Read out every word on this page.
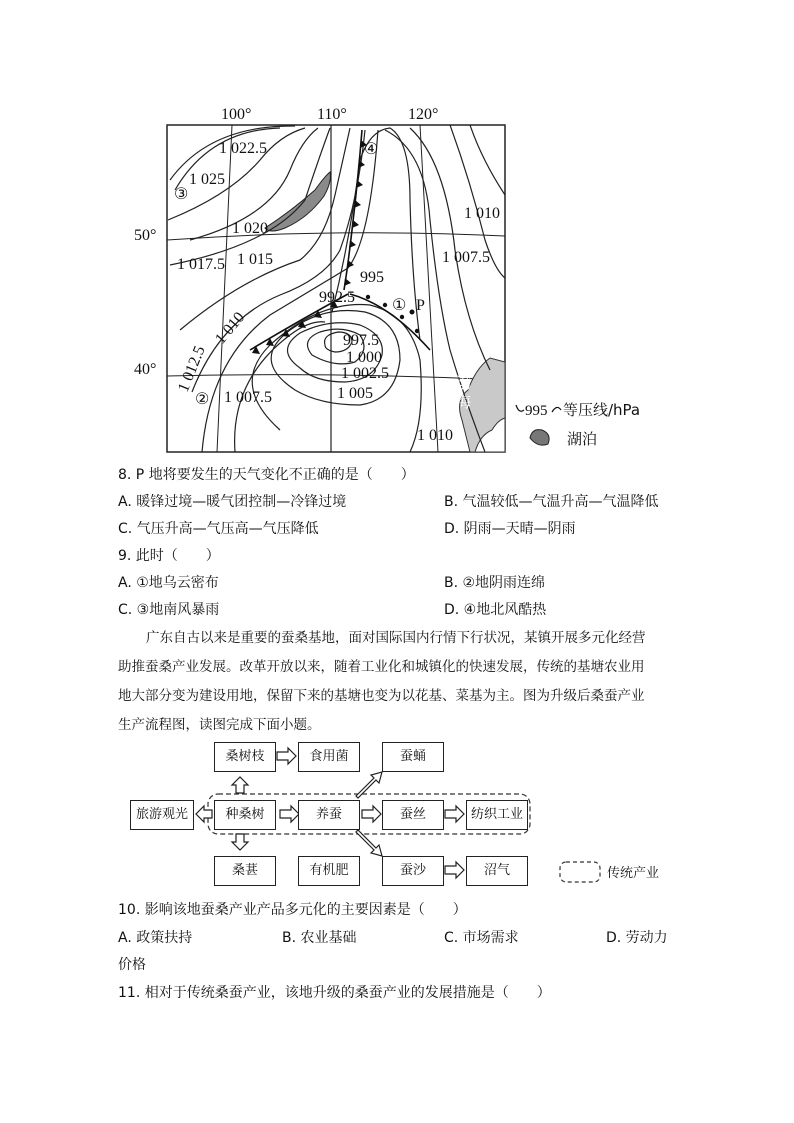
100°	110°	120°
50°
40°
1 022.5
1 025
1 020
1 017.5 1 015
1 010
1 012.5
1 007.5
995
992.5
997.5
1 000
1 002.5
1 005
1 007.5
1 010
1 010
③
④
①
②
P
渤
海	995 等压线/hPa
湖泊
8. P 地将要发生的天气变化不正确的是（　　）
A. 暖锋过境—暖气团控制—冷锋过境	B. 气温较低—气温升高—气温降低
C. 气压升高—气压高—气压降低	D. 阴雨—天晴—阴雨
9. 此时（　　）
A. ①地乌云密布	B. ②地阴雨连绵
C. ③地南风暴雨	D. ④地北风酷热
广东自古以来是重要的蚕桑基地，面对国际国内行情下行状况，某镇开展多元化经营
助推蚕桑产业发展。改革开放以来，随着工业化和城镇化的快速发展，传统的基塘农业用
地大部分变为建设用地，保留下来的基塘也变为以花基、菜基为主。图为升级后桑蚕产业
生产流程图，读图完成下面小题。
桑树枝	食用菌	蚕蛹
旅游观光	种桑树	养蚕	蚕丝	纺织工业
桑葚	有机肥	蚕沙	沼气	传统产业
10. 影响该地蚕桑产业产品多元化的主要因素是（　　）
A. 政策扶持	B. 农业基础	C. 市场需求	D. 劳动力
价格
11. 相对于传统桑蚕产业，该地升级的桑蚕产业的发展措施是（　　）
